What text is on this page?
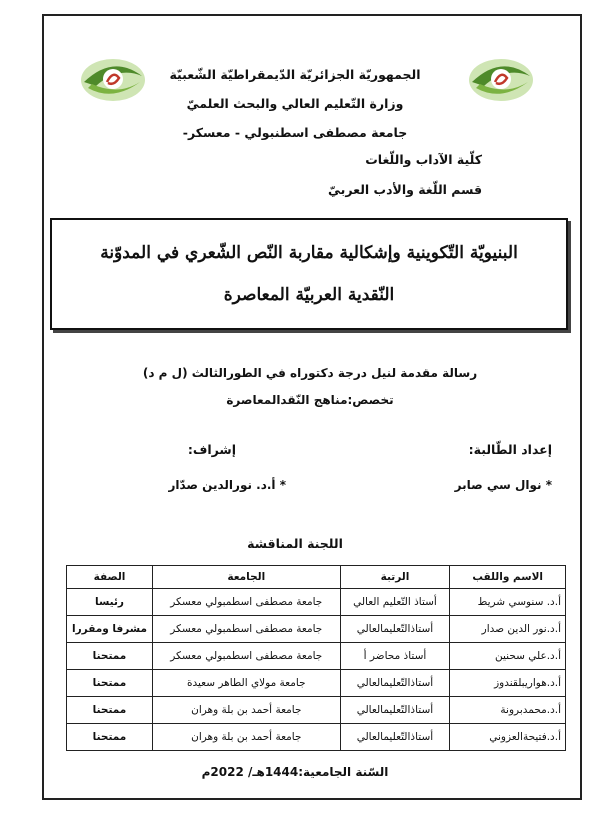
الجمهوريّة الجزائريّة الدّيمقراطيّة الشّعبيّة
وزارة التّعليم العالي والبحث العلميّ
جامعة مصطفى اسطنبولي - معسكر-
كلّية الآداب واللّغات
قسم اللّغة والأدب العربيّ
البنيويّة التّكوينية وإشكالية مقاربة النّص الشّعري في المدوّنة
النّقدية العربيّة المعاصرة
رسالة مقدمة لنيل درجة دكتوراه في الطورالثالث (ل م د)
تخصص:مناهج النّقدالمعاصرة
إعداد الطّالبة:
إشراف:
* نوال سي صابر
* أ.د. نورالدين صدّار
اللجنة المناقشة
الاسم واللقب	الرتبة	الجامعة	الصفة
أ.د. سنوسي شريط	أستاذ التّعليم العالي	جامعة مصطفى اسطمبولي معسكر	رئيسا
أ.د.نور الدين صدار	أستاذالتّعليمالعالي	جامعة مصطفى اسطمبولي معسكر	مشرفا ومقررا
أ.د.علي سحنين	أستاذ محاضر أ	جامعة مصطفى اسطمبولي معسكر	ممتحنا
أ.د.هواريبلقندوز	أستاذالتّعليمالعالي	جامعة مولاي الطاهر سعيدة	ممتحنا
أ.د.محمدبرونة	أستاذالتّعليمالعالي	جامعة أحمد بن بلة وهران	ممتحنا
أ.د.فتيحةالعزوني	أستاذالتّعليمالعالي	جامعة أحمد بن بلة وهران	ممتحنا
السّنة الجامعية:1444هـ/ 2022م
